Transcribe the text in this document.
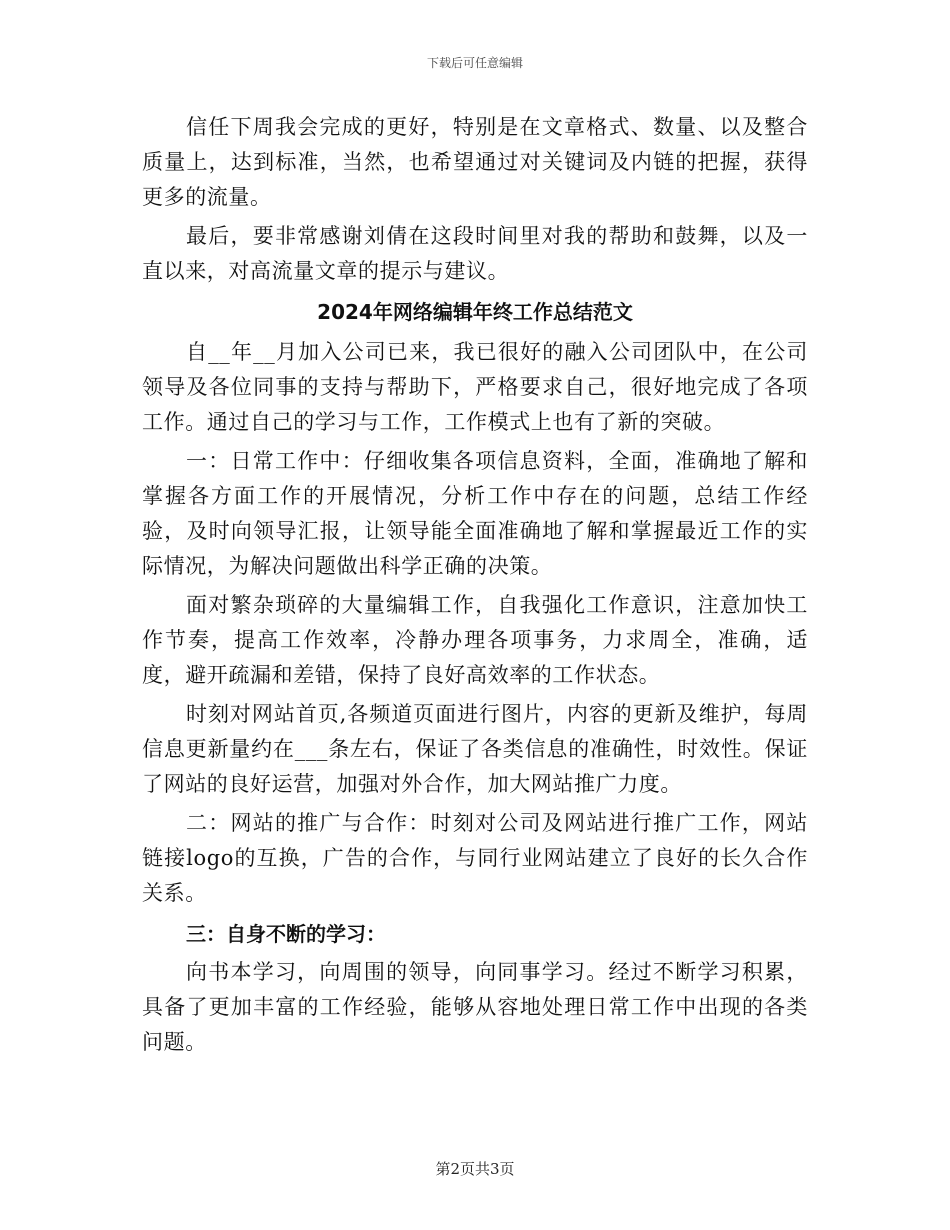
下载后可任意编辑

信任下周我会完成的更好，特别是在文章格式、数量、以及整合质量上，达到标准，当然，也希望通过对关键词及内链的把握，获得更多的流量。

最后，要非常感谢刘倩在这段时间里对我的帮助和鼓舞，以及一直以来，对高流量文章的提示与建议。

2024年网络编辑年终工作总结范文

自__年__月加入公司已来，我已很好的融入公司团队中，在公司领导及各位同事的支持与帮助下，严格要求自己，很好地完成了各项工作。通过自己的学习与工作，工作模式上也有了新的突破。

一：日常工作中：仔细收集各项信息资料，全面，准确地了解和掌握各方面工作的开展情况，分析工作中存在的问题，总结工作经验，及时向领导汇报，让领导能全面准确地了解和掌握最近工作的实际情况，为解决问题做出科学正确的决策。

面对繁杂琐碎的大量编辑工作，自我强化工作意识，注意加快工作节奏，提高工作效率，冷静办理各项事务，力求周全，准确，适度，避开疏漏和差错，保持了良好高效率的工作状态。

时刻对网站首页,各频道页面进行图片，内容的更新及维护，每周信息更新量约在___条左右，保证了各类信息的准确性，时效性。保证了网站的良好运营，加强对外合作，加大网站推广力度。

二：网站的推广与合作：时刻对公司及网站进行推广工作，网站链接logo的互换，广告的合作，与同行业网站建立了良好的长久合作关系。

三：自身不断的学习：

向书本学习，向周围的领导，向同事学习。经过不断学习积累，具备了更加丰富的工作经验，能够从容地处理日常工作中出现的各类问题。

第2页共3页
